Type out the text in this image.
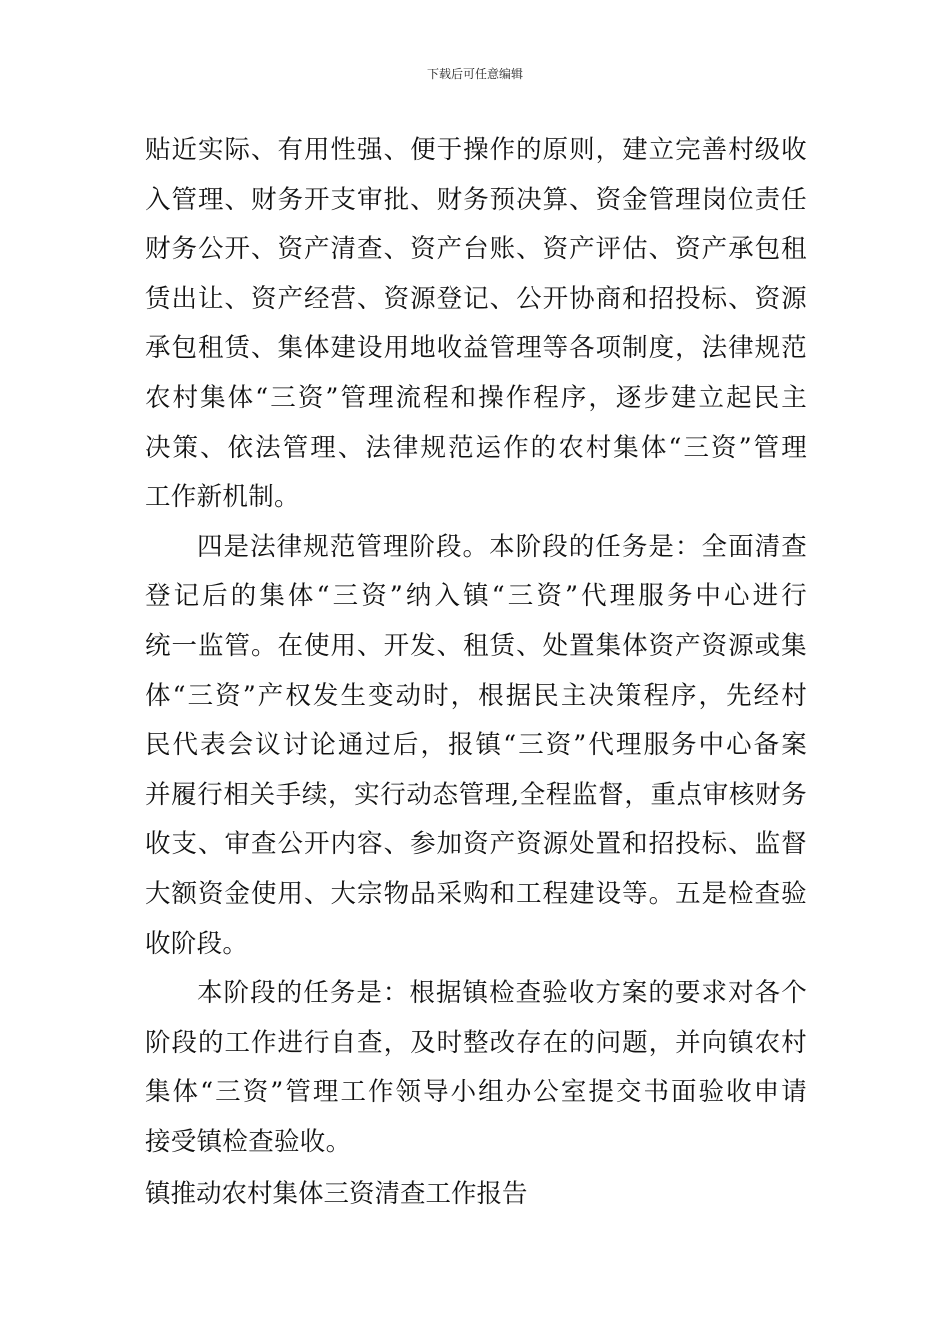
下载后可任意编辑
贴近实际、有用性强、便于操作的原则，建立完善村级收
入管理、财务开支审批、财务预决算、资金管理岗位责任
财务公开、资产清查、资产台账、资产评估、资产承包租
赁出让、资产经营、资源登记、公开协商和招投标、资源
承包租赁、集体建设用地收益管理等各项制度，法律规范
农村集体“三资”管理流程和操作程序，逐步建立起民主
决策、依法管理、法律规范运作的农村集体“三资”管理
工作新机制。
四是法律规范管理阶段。本阶段的任务是：全面清查
登记后的集体“三资”纳入镇“三资”代理服务中心进行
统一监管。在使用、开发、租赁、处置集体资产资源或集
体“三资”产权发生变动时，根据民主决策程序，先经村
民代表会议讨论通过后，报镇“三资”代理服务中心备案
并履行相关手续，实行动态管理,全程监督，重点审核财务
收支、审查公开内容、参加资产资源处置和招投标、监督
大额资金使用、大宗物品采购和工程建设等。五是检查验
收阶段。
本阶段的任务是：根据镇检查验收方案的要求对各个
阶段的工作进行自查，及时整改存在的问题，并向镇农村
集体“三资”管理工作领导小组办公室提交书面验收申请
接受镇检查验收。
镇推动农村集体三资清查工作报告
